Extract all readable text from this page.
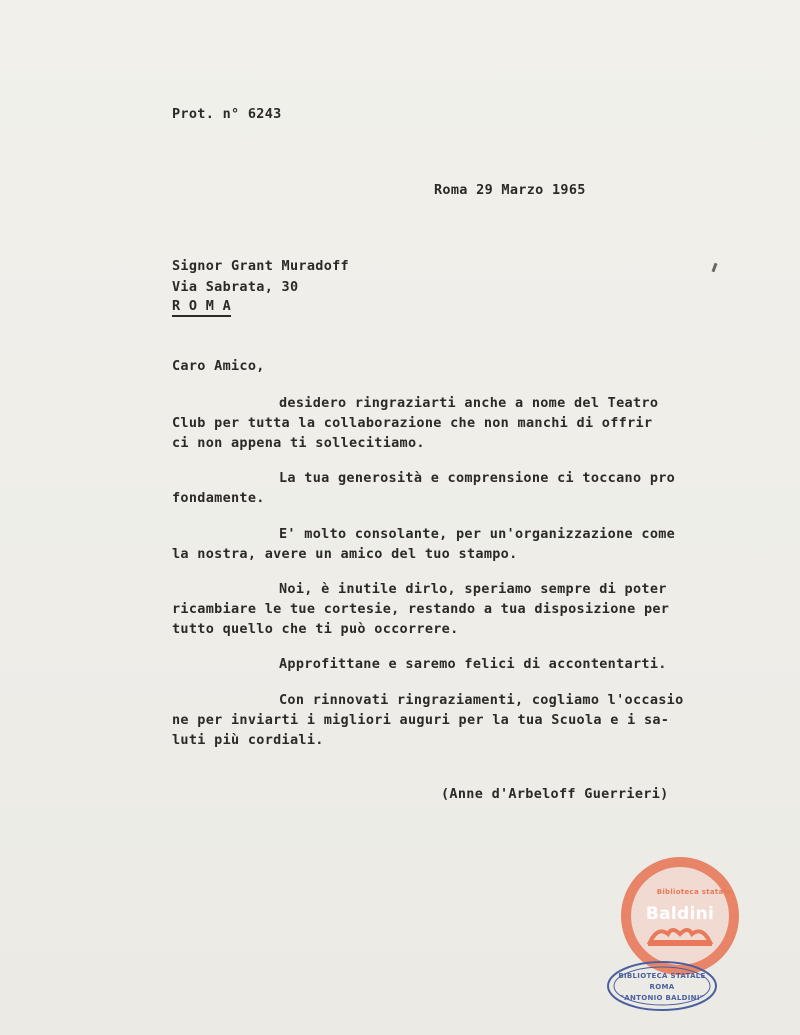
Prot. n° 6243
Roma 29 Marzo 1965
Signor Grant Muradoff
Via Sabrata, 30
R O M A
Caro Amico,
desidero ringraziarti anche a nome del Teatro
Club per tutta la collaborazione che non manchi di offrir
ci non appena ti sollecitiamo.
La tua generosità e comprensione ci toccano pro
fondamente.
E' molto consolante, per un'organizzazione come
la nostra, avere un amico del tuo stampo.
Noi, è inutile dirlo, speriamo sempre di poter
ricambiare le tue cortesie, restando a tua disposizione per
tutto quello che ti può occorrere.
Approfittane e saremo felici di accontentarti.
Con rinnovati ringraziamenti, cogliamo l'occasio
ne per inviarti i migliori auguri per la tua Scuola e i sa-
luti più cordiali.
(Anne d'Arbeloff Guerrieri)
Biblioteca statale
Baldini
BIBLIOTECA STATALE
ROMA
"ANTONIO BALDINI"
